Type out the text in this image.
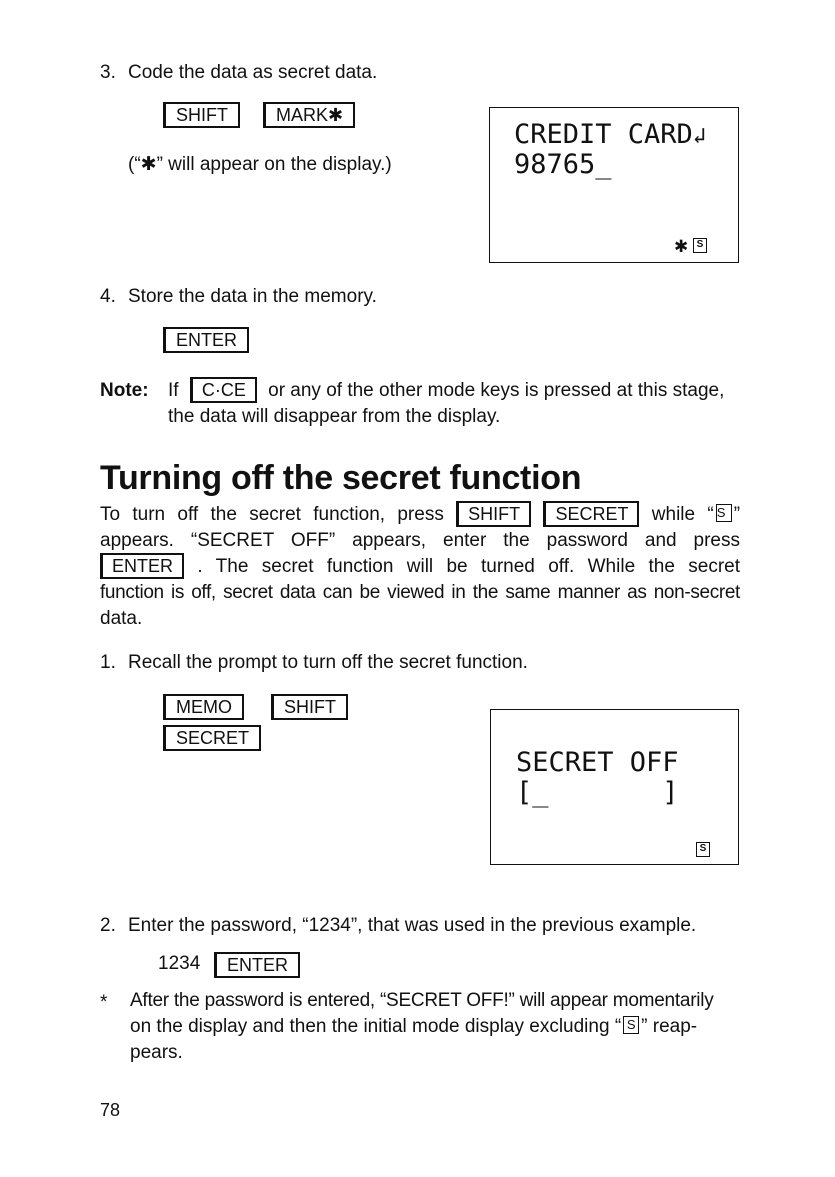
3. Code the data as secret data.
SHIFT	MARK✱
(“✱” will appear on the display.)
CREDIT CARD↲
98765_
✱ S
4. Store the data in the memory.
ENTER
Note: If C·CE or any of the other mode keys is pressed at this stage,
the data will disappear from the display.
Turning off the secret function
To turn off the secret function, press SHIFT SECRET while “ S ”
appears. “SECRET OFF” appears, enter the password and press
ENTER . The secret function will be turned off. While the secret
function is off, secret data can be viewed in the same manner as non-secret
data.
1. Recall the prompt to turn off the secret function.
MEMO	SHIFT
SECRET
SECRET OFF
[_       ]
S
2. Enter the password, “1234”, that was used in the previous example.
1234	ENTER
* After the password is entered, “SECRET OFF!” will appear momentarily
on the display and then the initial mode display excluding “ S ” reap-
pears.
78
